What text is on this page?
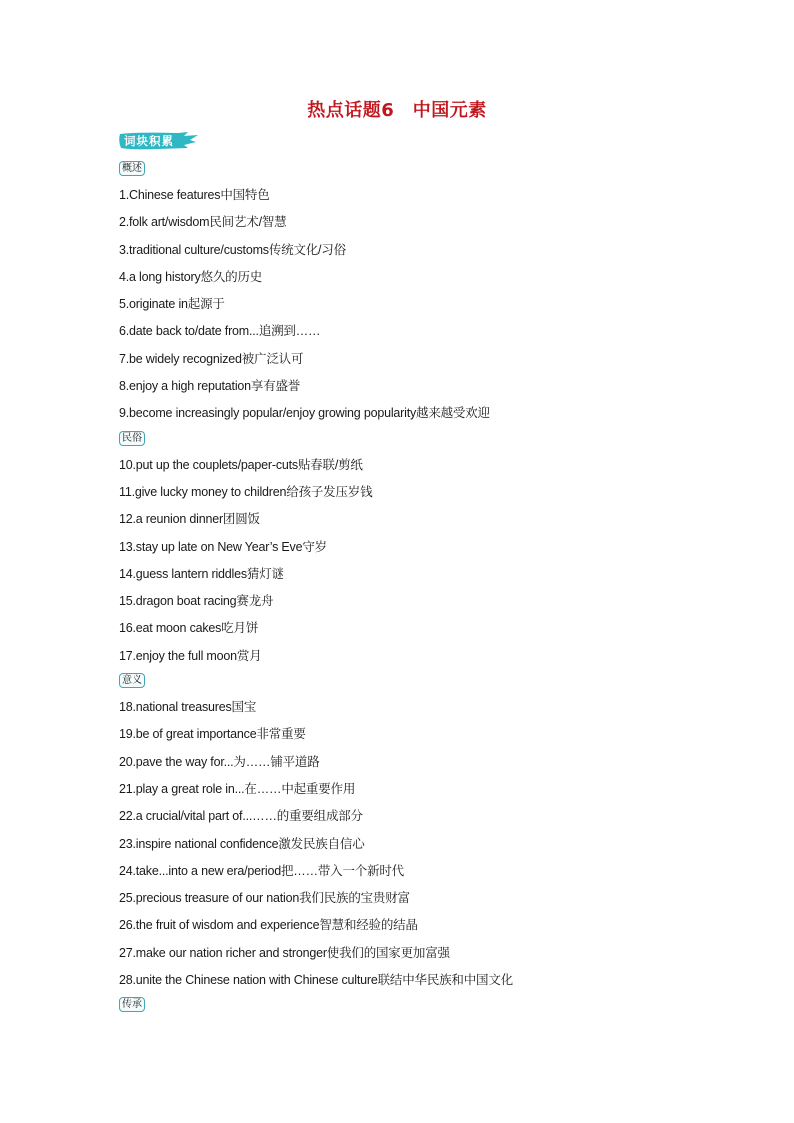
热点话题6　中国元素
词块积累
概述
1.Chinese features中国特色
2.folk art/wisdom民间艺术/智慧
3.traditional culture/customs传统文化/习俗
4.a long history悠久的历史
5.originate in起源于
6.date back to/date from...追溯到……
7.be widely recognized被广泛认可
8.enjoy a high reputation享有盛誉
9.become increasingly popular/enjoy growing popularity越来越受欢迎
民俗
10.put up the couplets/paper-cuts贴春联/剪纸
11.give lucky money to children给孩子发压岁钱
12.a reunion dinner团圆饭
13.stay up late on New Year’s Eve守岁
14.guess lantern riddles猜灯谜
15.dragon boat racing赛龙舟
16.eat moon cakes吃月饼
17.enjoy the full moon赏月
意义
18.national treasures国宝
19.be of great importance非常重要
20.pave the way for...为……铺平道路
21.play a great role in...在……中起重要作用
22.a crucial/vital part of...……的重要组成部分
23.inspire national confidence激发民族自信心
24.take...into a new era/period把……带入一个新时代
25.precious treasure of our nation我们民族的宝贵财富
26.the fruit of wisdom and experience智慧和经验的结晶
27.make our nation richer and stronger使我们的国家更加富强
28.unite the Chinese nation with Chinese culture联结中华民族和中国文化
传承
